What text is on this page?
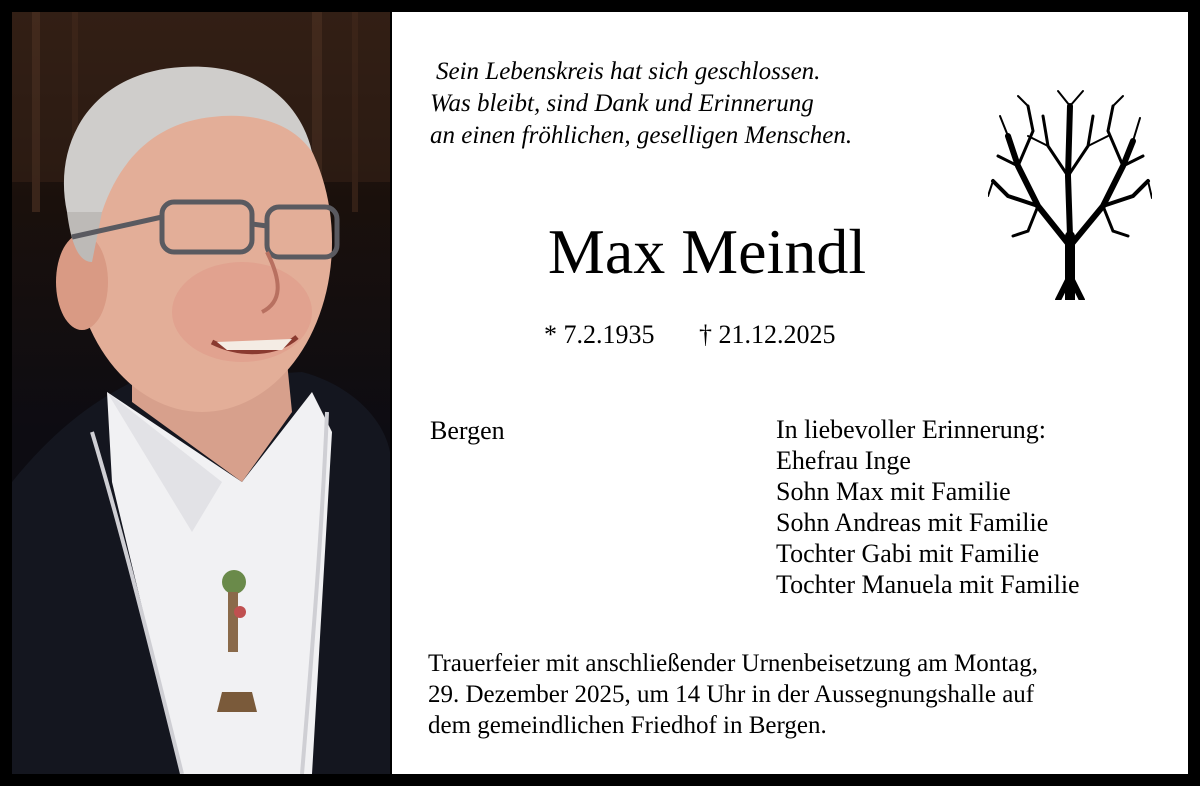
Sein Lebenskreis hat sich geschlossen.
Was bleibt, sind Dank und Erinnerung
an einen fröhlichen, geselligen Menschen.
Max Meindl
* 7.2.1935 † 21.12.2025
Bergen	In liebevoller Erinnerung:
Ehefrau Inge
Sohn Max mit Familie
Sohn Andreas mit Familie
Tochter Gabi mit Familie
Tochter Manuela mit Familie
Trauerfeier mit anschließender Urnenbeisetzung am Montag,
29. Dezember 2025, um 14 Uhr in der Aussegnungshalle auf
dem gemeindlichen Friedhof in Bergen.
